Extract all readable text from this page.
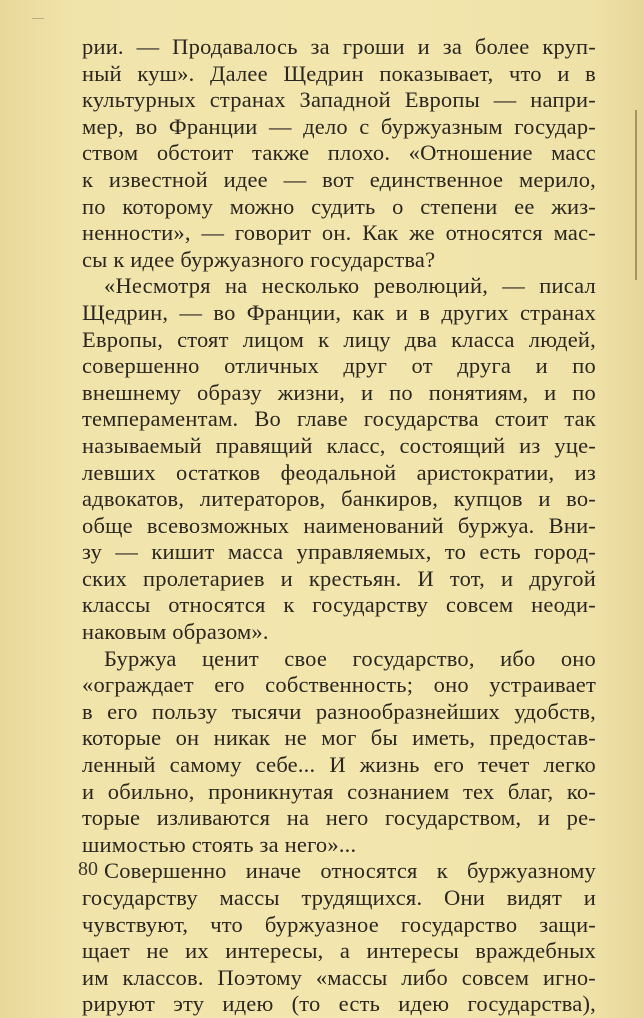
рии. — Продавалось за гроши и за более круп-
ный куш». Далее Щедрин показывает, что и в
культурных странах Западной Европы — напри-
мер, во Франции — дело с буржуазным государ-
ством обстоит также плохо. «Отношение масс
к известной идее — вот единственное мерило,
по которому можно судить о степени ее жиз-
ненности», — говорит он. Как же относятся мас-
сы к идее буржуазного государства?
«Несмотря на несколько революций, — писал
Щедрин, — во Франции, как и в других странах
Европы, стоят лицом к лицу два класса людей,
совершенно отличных друг от друга и по
внешнему образу жизни, и по понятиям, и по
темпераментам. Во главе государства стоит так
называемый правящий класс, состоящий из уце-
левших остатков феодальной аристократии, из
адвокатов, литераторов, банкиров, купцов и во-
обще всевозможных наименований буржуа. Вни-
зу — кишит масса управляемых, то есть город-
ских пролетариев и крестьян. И тот, и другой
классы относятся к государству совсем неоди-
наковым образом».
Буржуа ценит свое государство, ибо оно
«ограждает его собственность; оно устраивает
в его пользу тысячи разнообразнейших удобств,
которые он никак не мог бы иметь, предостав-
ленный самому себе... И жизнь его течет легко
и обильно, проникнутая сознанием тех благ, ко-
торые изливаются на него государством, и ре-
шимостью стоять за него»...
Совершенно иначе относятся к буржуазному
государству массы трудящихся. Они видят и
чувствуют, что буржуазное государство защи-
щает не их интересы, а интересы враждебных
им классов. Поэтому «массы либо совсем игно-
рируют эту идею (то есть идею государства),
80
